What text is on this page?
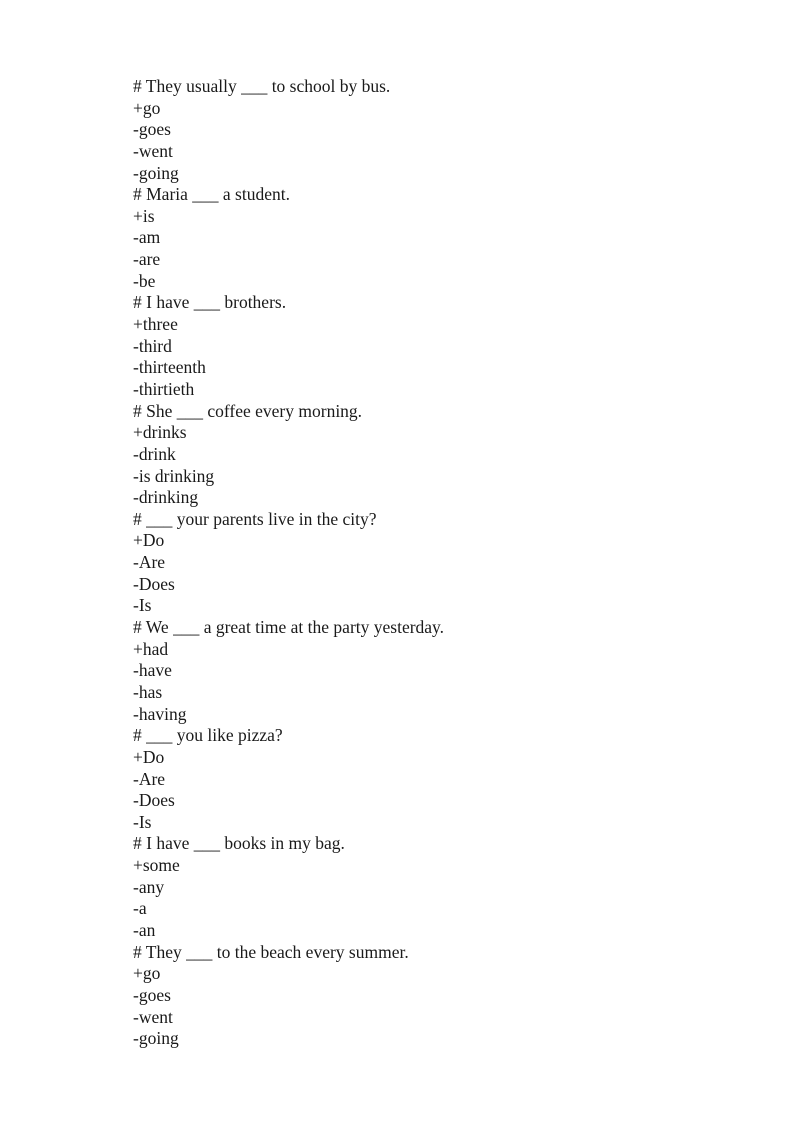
# They usually ___ to school by bus.
+go
-goes
-went
-going
# Maria ___ a student.
+is
-am
-are
-be
# I have ___ brothers.
+three
-third
-thirteenth
-thirtieth
# She ___ coffee every morning.
+drinks
-drink
-is drinking
-drinking
# ___ your parents live in the city?
+Do
-Are
-Does
-Is
# We ___ a great time at the party yesterday.
+had
-have
-has
-having
# ___ you like pizza?
+Do
-Are
-Does
-Is
# I have ___ books in my bag.
+some
-any
-a
-an
# They ___ to the beach every summer.
+go
-goes
-went
-going
